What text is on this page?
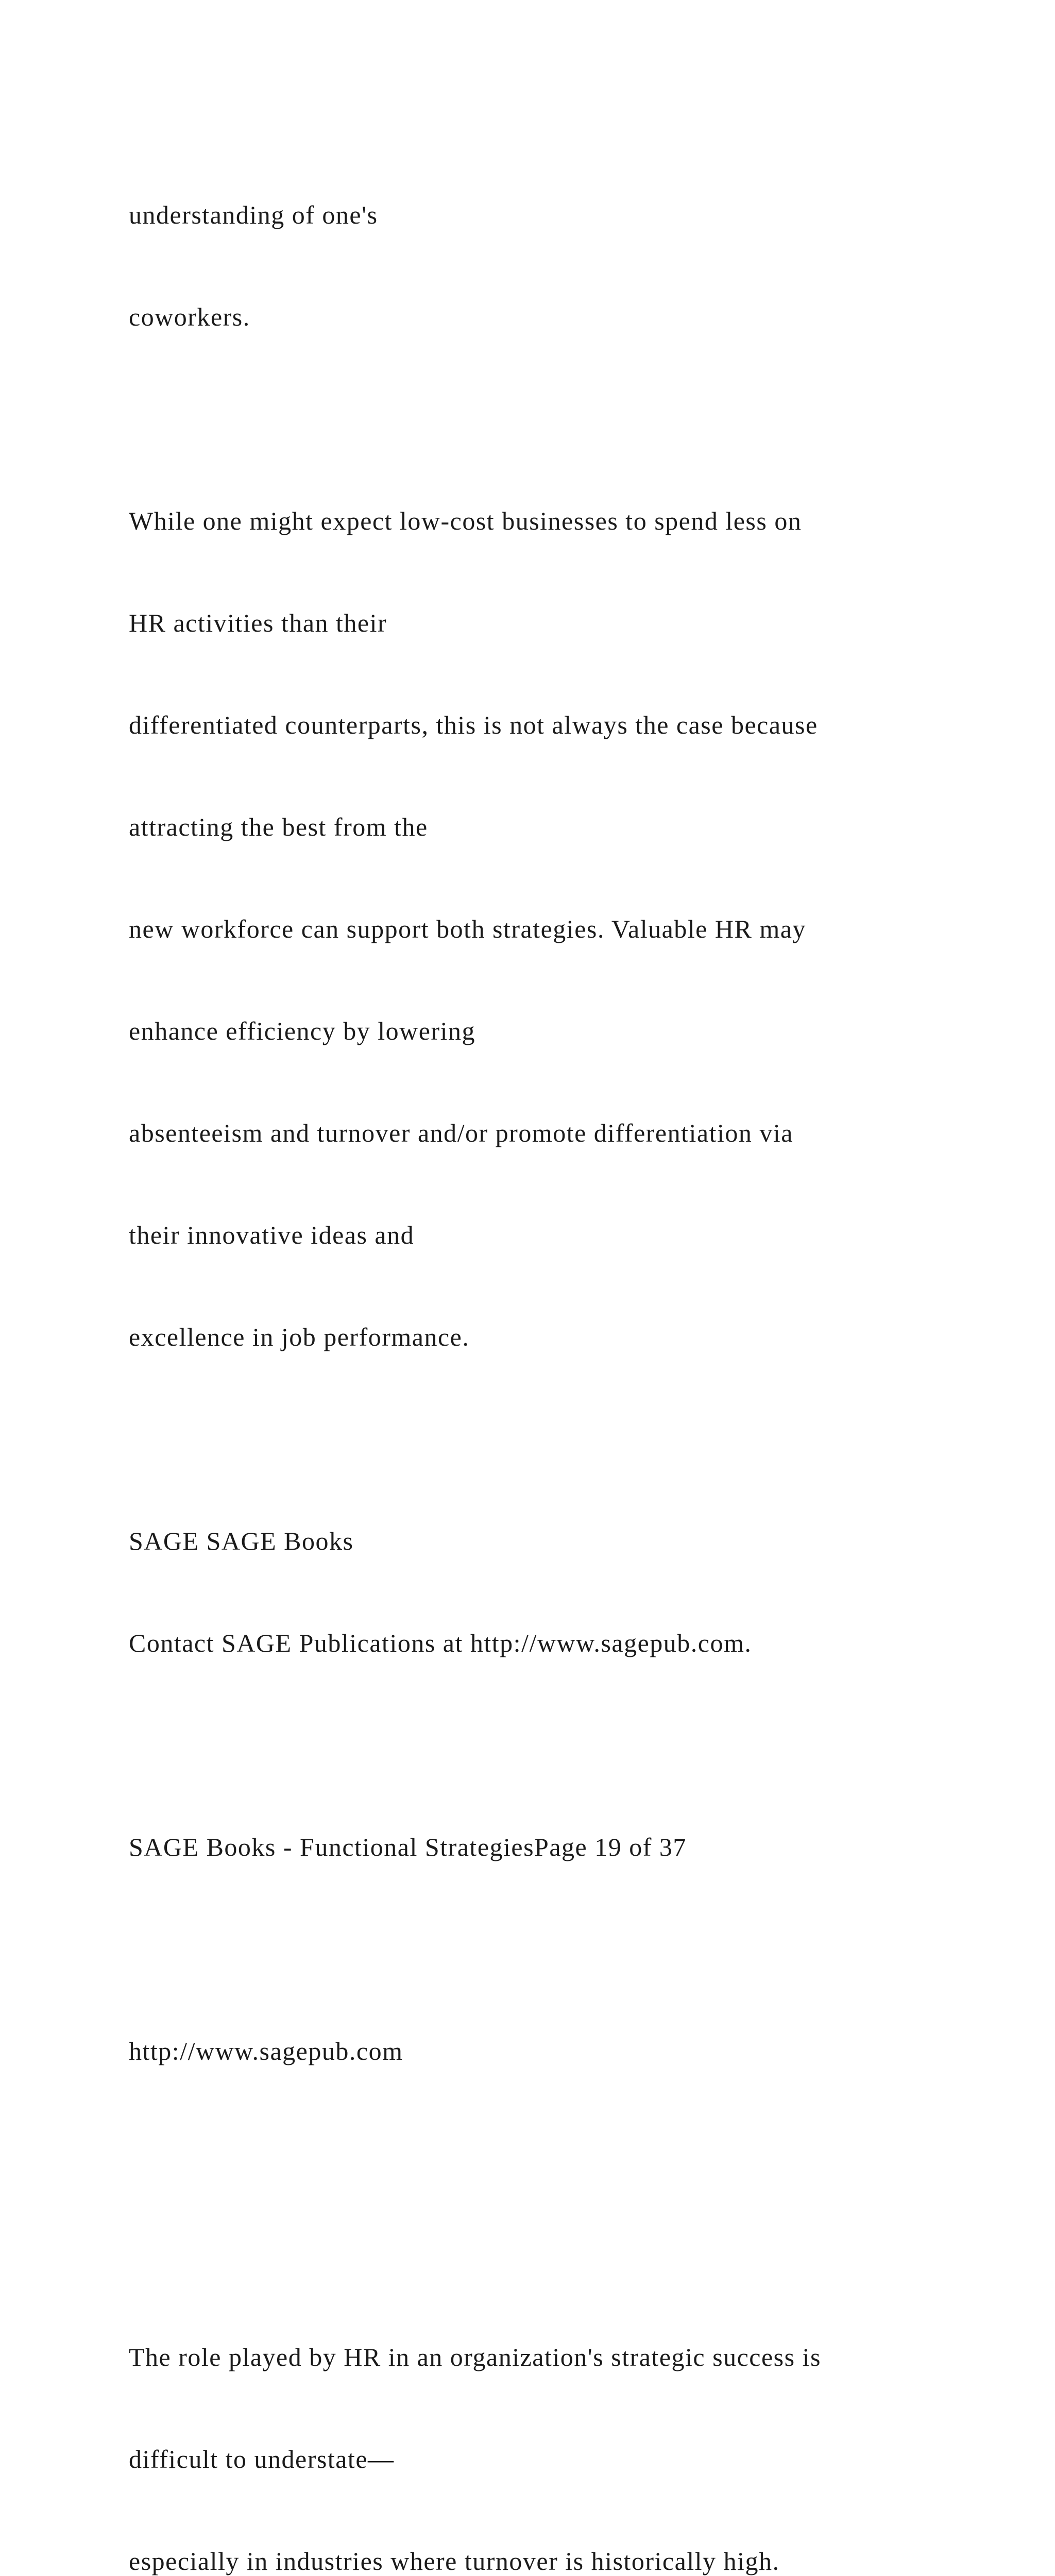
understanding of one's

coworkers.

While one might expect low-cost businesses to spend less on

HR activities than their

differentiated counterparts, this is not always the case because

attracting the best from the

new workforce can support both strategies. Valuable HR may

enhance efficiency by lowering

absenteeism and turnover and/or promote differentiation via

their innovative ideas and

excellence in job performance.

SAGE SAGE Books

Contact SAGE Publications at http://www.sagepub.com.

SAGE Books - Functional StrategiesPage 19 of 37

http://www.sagepub.com

The role played by HR in an organization's strategic success is

difficult to understate—

especially in industries where turnover is historically high.
